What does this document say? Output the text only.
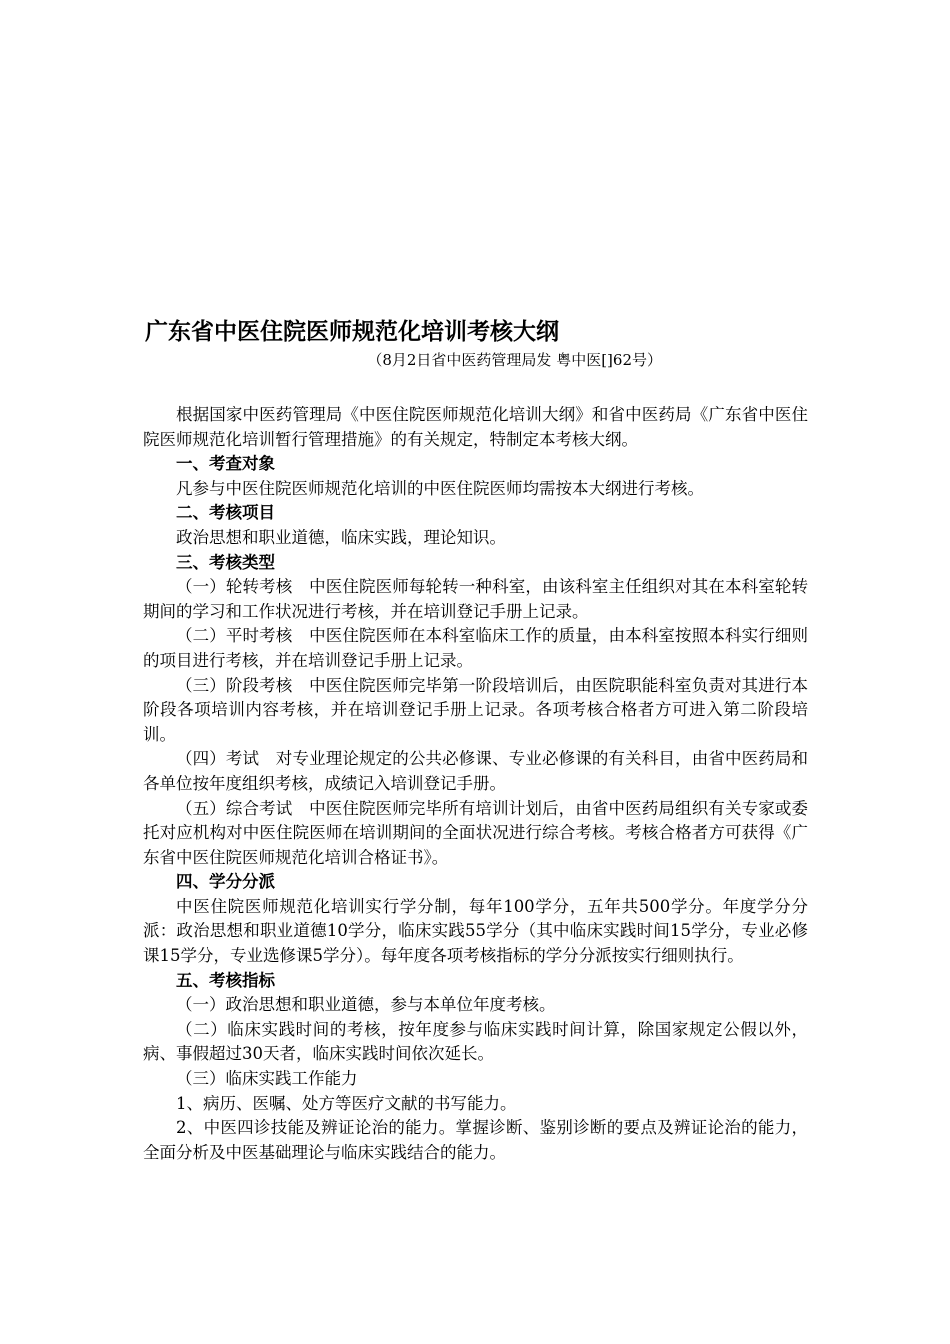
广东省中医住院医师规范化培训考核大纲

（8月2日省中医药管理局发 粤中医[]62号）

根据国家中医药管理局《中医住院医师规范化培训大纲》和省中医药局《广东省中医住院医师规范化培训暂行管理措施》的有关规定，特制定本考核大纲。

一、考查对象

凡参与中医住院医师规范化培训的中医住院医师均需按本大纲进行考核。

二、考核项目

政治思想和职业道德，临床实践，理论知识。

三、考核类型

（一）轮转考核　中医住院医师每轮转一种科室，由该科室主任组织对其在本科室轮转期间的学习和工作状况进行考核，并在培训登记手册上记录。

（二）平时考核　中医住院医师在本科室临床工作的质量，由本科室按照本科实行细则的项目进行考核，并在培训登记手册上记录。

（三）阶段考核　中医住院医师完毕第一阶段培训后，由医院职能科室负责对其进行本阶段各项培训内容考核，并在培训登记手册上记录。各项考核合格者方可进入第二阶段培训。

（四）考试　对专业理论规定的公共必修课、专业必修课的有关科目，由省中医药局和各单位按年度组织考核，成绩记入培训登记手册。

（五）综合考试　中医住院医师完毕所有培训计划后，由省中医药局组织有关专家或委托对应机构对中医住院医师在培训期间的全面状况进行综合考核。考核合格者方可获得《广东省中医住院医师规范化培训合格证书》。

四、学分分派

中医住院医师规范化培训实行学分制，每年100学分，五年共500学分。年度学分分派：政治思想和职业道德10学分，临床实践55学分（其中临床实践时间15学分，专业必修课15学分，专业选修课5学分）。每年度各项考核指标的学分分派按实行细则执行。

五、考核指标

（一）政治思想和职业道德，参与本单位年度考核。

（二）临床实践时间的考核，按年度参与临床实践时间计算，除国家规定公假以外，病、事假超过30天者，临床实践时间依次延长。

（三）临床实践工作能力

1、病历、医嘱、处方等医疗文献的书写能力。

2、中医四诊技能及辨证论治的能力。掌握诊断、鉴别诊断的要点及辨证论治的能力，全面分析及中医基础理论与临床实践结合的能力。
